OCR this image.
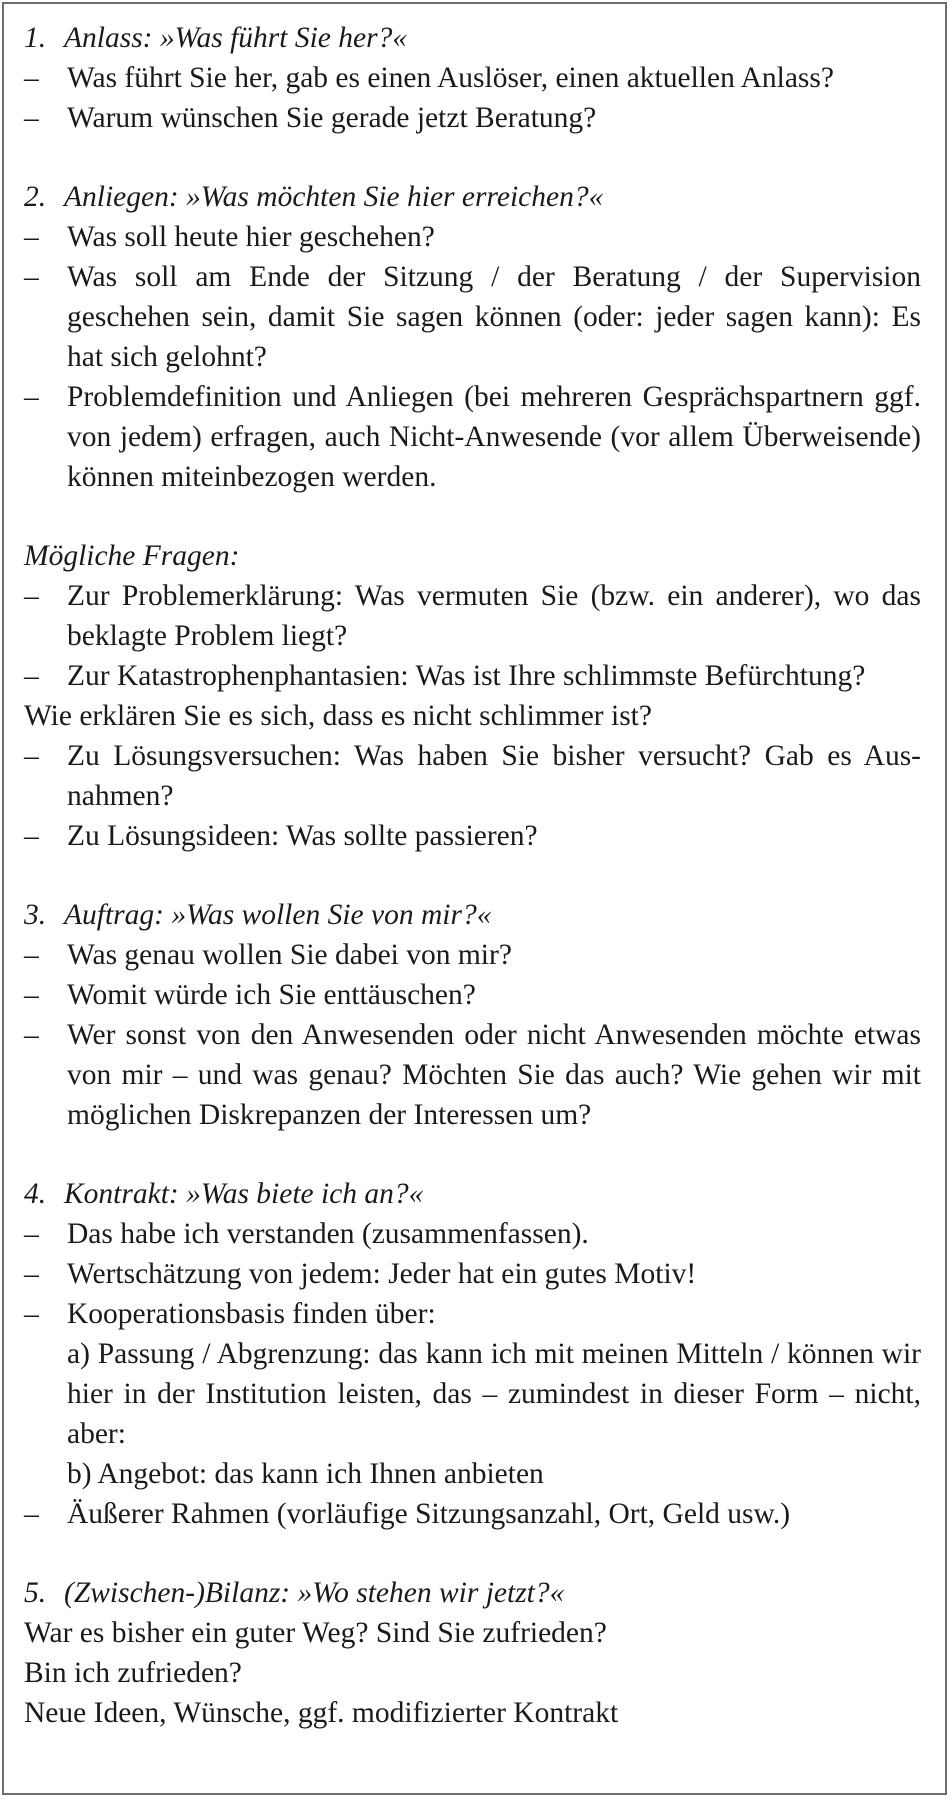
1. Anlass: »Was führt Sie her?«
– Was führt Sie her, gab es einen Auslöser, einen aktuellen Anlass?
– Warum wünschen Sie gerade jetzt Beratung?
2. Anliegen: »Was möchten Sie hier erreichen?«
– Was soll heute hier geschehen?
– Was soll am Ende der Sitzung / der Beratung / der Supervision geschehen sein, damit Sie sagen können (oder: jeder sagen kann): Es hat sich gelohnt?
– Problemdefinition und Anliegen (bei mehreren Gesprächspartnern ggf. von jedem) erfragen, auch Nicht-Anwesende (vor allem Überweisende) können miteinbezogen werden.
Mögliche Fragen:
– Zur Problemerklärung: Was vermuten Sie (bzw. ein anderer), wo das beklagte Problem liegt?
– Zur Katastrophenphantasien: Was ist Ihre schlimmste Befürchtung?
Wie erklären Sie es sich, dass es nicht schlimmer ist?
– Zu Lösungsversuchen: Was haben Sie bisher versucht? Gab es Ausnahmen?
– Zu Lösungsideen: Was sollte passieren?
3. Auftrag: »Was wollen Sie von mir?«
– Was genau wollen Sie dabei von mir?
– Womit würde ich Sie enttäuschen?
– Wer sonst von den Anwesenden oder nicht Anwesenden möchte etwas von mir – und was genau? Möchten Sie das auch? Wie gehen wir mit möglichen Diskrepanzen der Interessen um?
4. Kontrakt: »Was biete ich an?«
– Das habe ich verstanden (zusammenfassen).
– Wertschätzung von jedem: Jeder hat ein gutes Motiv!
– Kooperationsbasis finden über:
a) Passung / Abgrenzung: das kann ich mit meinen Mitteln / können wir hier in der Institution leisten, das – zumindest in dieser Form – nicht, aber:
b) Angebot: das kann ich Ihnen anbieten
– Äußerer Rahmen (vorläufige Sitzungsanzahl, Ort, Geld usw.)
5. (Zwischen-)Bilanz: »Wo stehen wir jetzt?«
War es bisher ein guter Weg? Sind Sie zufrieden?
Bin ich zufrieden?
Neue Ideen, Wünsche, ggf. modifizierter Kontrakt
